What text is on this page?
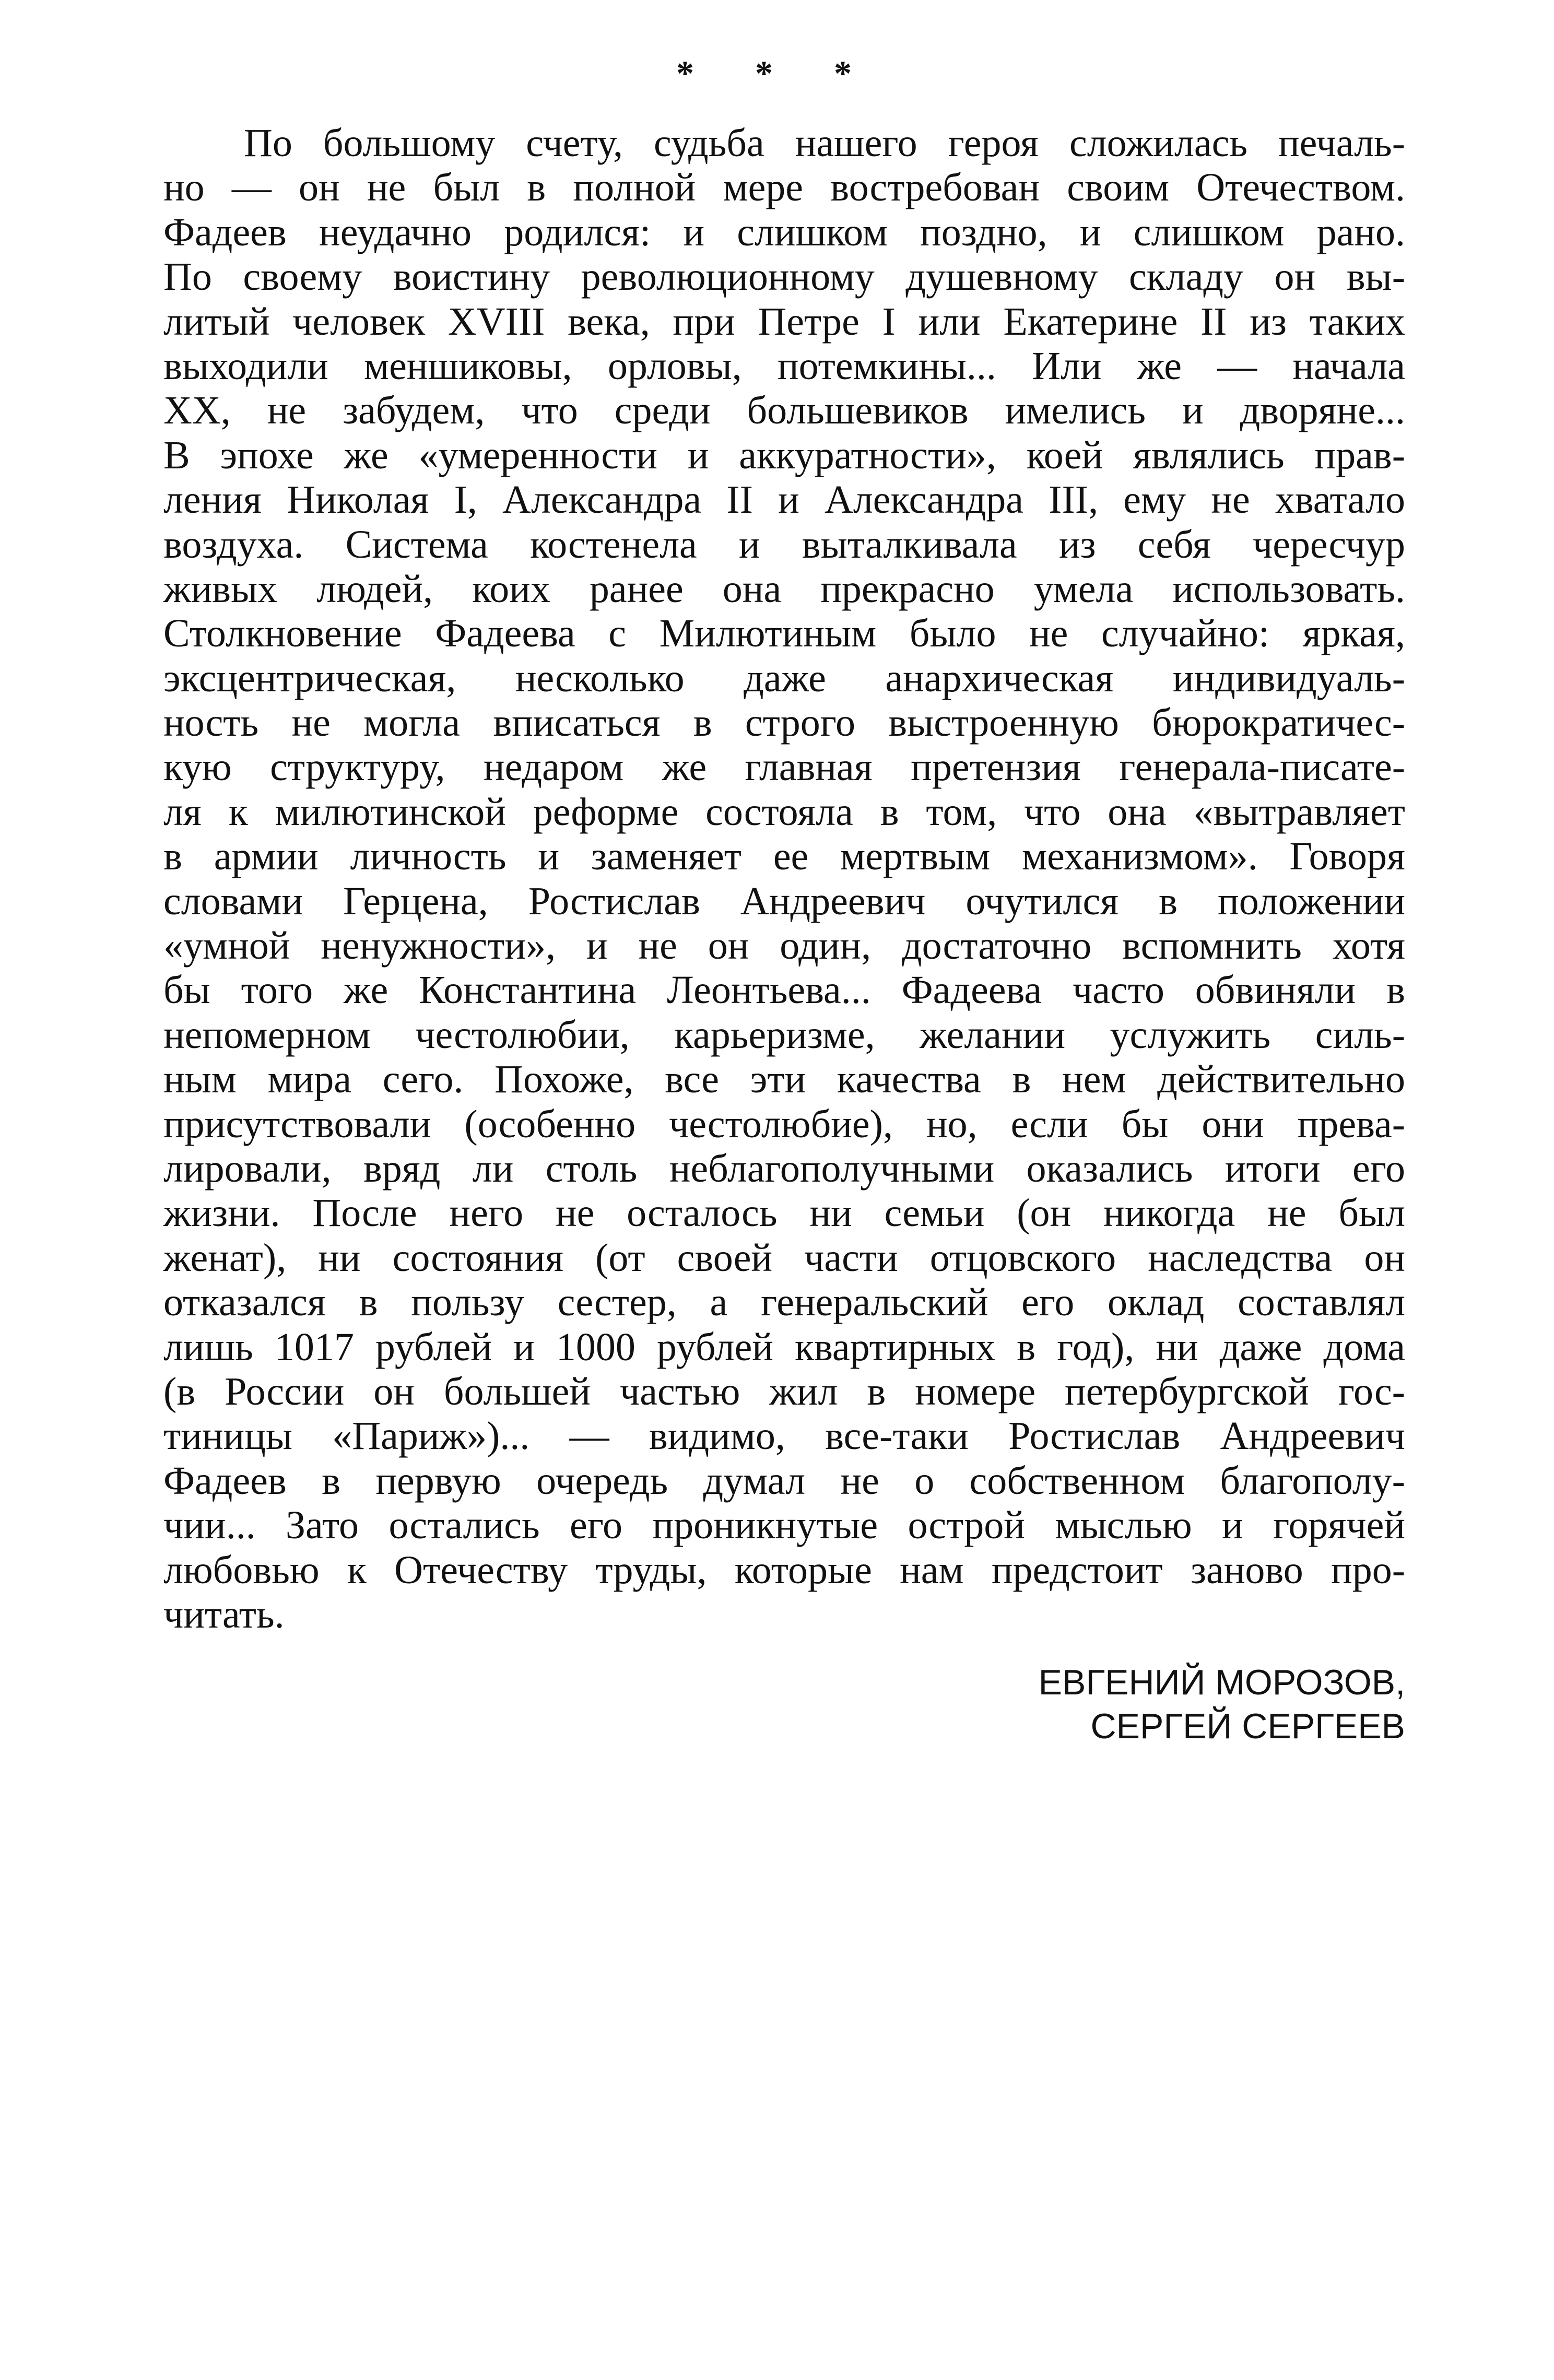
* * *
По большому счету, судьба нашего героя сложилась печаль-
но — он не был в полной мере востребован своим Отечеством.
Фадеев неудачно родился: и слишком поздно, и слишком рано.
По своему воистину революционному душевному складу он вы-
литый человек XVIII века, при Петре I или Екатерине II из таких
выходили меншиковы, орловы, потемкины... Или же — начала
XX, не забудем, что среди большевиков имелись и дворяне...
В эпохе же «умеренности и аккуратности», коей являлись прав-
ления Николая I, Александра II и Александра III, ему не хватало
воздуха. Система костенела и выталкивала из себя чересчур
живых людей, коих ранее она прекрасно умела использовать.
Столкновение Фадеева с Милютиным было не случайно: яркая,
эксцентрическая, несколько даже анархическая индивидуаль-
ность не могла вписаться в строго выстроенную бюрократичес-
кую структуру, недаром же главная претензия генерала-писате-
ля к милютинской реформе состояла в том, что она «вытравляет
в армии личность и заменяет ее мертвым механизмом». Говоря
словами Герцена, Ростислав Андреевич очутился в положении
«умной ненужности», и не он один, достаточно вспомнить хотя
бы того же Константина Леонтьева... Фадеева часто обвиняли в
непомерном честолюбии, карьеризме, желании услужить силь-
ным мира сего. Похоже, все эти качества в нем действительно
присутствовали (особенно честолюбие), но, если бы они прева-
лировали, вряд ли столь неблагополучными оказались итоги его
жизни. После него не осталось ни семьи (он никогда не был
женат), ни состояния (от своей части отцовского наследства он
отказался в пользу сестер, а генеральский его оклад составлял
лишь 1017 рублей и 1000 рублей квартирных в год), ни даже дома
(в России он большей частью жил в номере петербургской гос-
тиницы «Париж»)... — видимо, все-таки Ростислав Андреевич
Фадеев в первую очередь думал не о собственном благополу-
чии... Зато остались его проникнутые острой мыслью и горячей
любовью к Отечеству труды, которые нам предстоит заново про-
читать.
ЕВГЕНИЙ МОРОЗОВ,
СЕРГЕЙ СЕРГЕЕВ
